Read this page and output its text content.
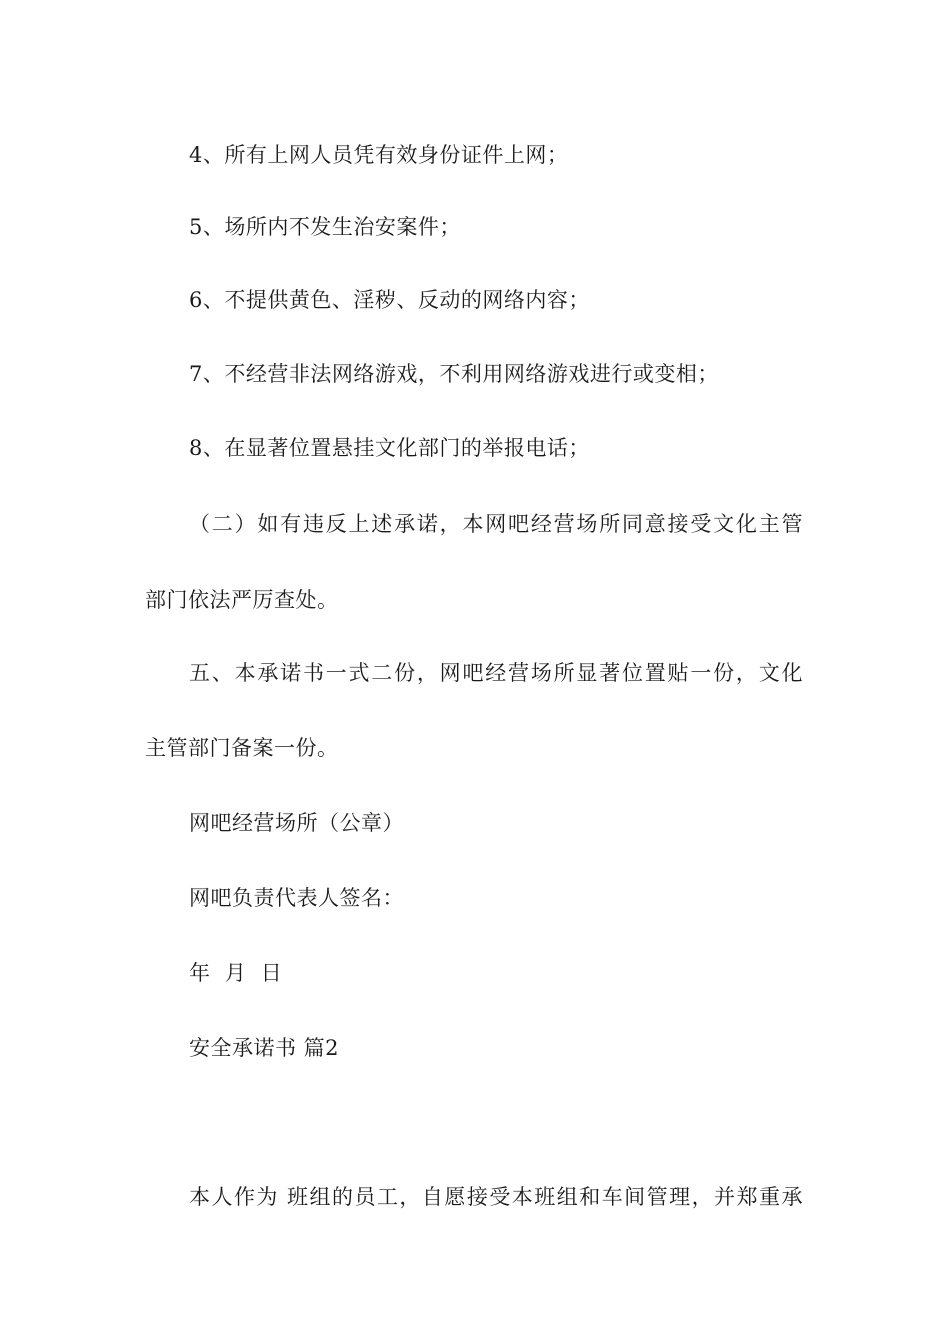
4、所有上网人员凭有效身份证件上网；
5、场所内不发生治安案件；
6、不提供黄色、淫秽、反动的网络内容；
7、不经营非法网络游戏，不利用网络游戏进行或变相；
8、在显著位置悬挂文化部门的举报电话；
（二）如有违反上述承诺，本网吧经营场所同意接受文化主管
部门依法严厉查处。
五、本承诺书一式二份，网吧经营场所显著位置贴一份，文化
主管部门备案一份。
网吧经营场所（公章）
网吧负责代表人签名：
年  月  日
安全承诺书 篇2
本人作为 班组的员工，自愿接受本班组和车间管理，并郑重承
